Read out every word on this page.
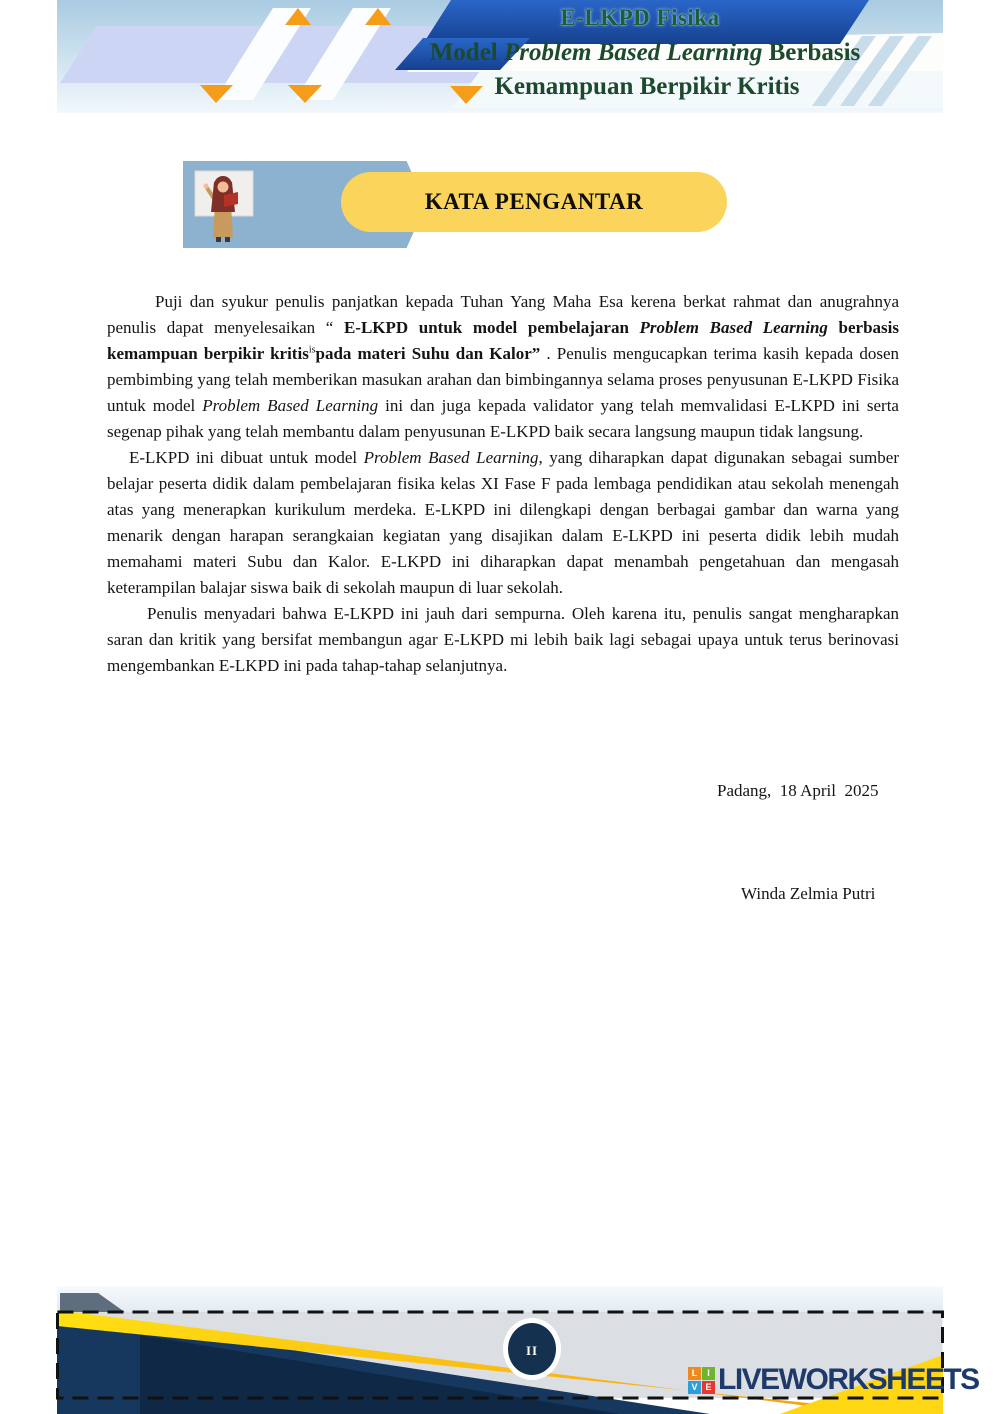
E-LKPD Fisika
Model Problem Based Learning Berbasis
Kemampuan Berpikir Kritis
KATA PENGANTAR

Puji dan syukur penulis panjatkan kepada Tuhan Yang Maha Esa kerena berkat rahmat dan anugrahnya penulis dapat menyelesaikan “ E-LKPD untuk model pembelajaran Problem Based Learning berbasis kemampuan berpikir kritis$^{is}$pada materi Suhu dan Kalor” . Penulis mengucapkan terima kasih kepada dosen pembimbing yang telah memberikan masukan arahan dan bimbingannya selama proses penyusunan E-LKPD Fisika untuk model Problem Based Learning ini dan juga kepada validator yang telah memvalidasi E-LKPD ini serta segenap pihak yang telah membantu dalam penyusunan E-LKPD baik secara langsung maupun tidak langsung.

E-LKPD ini dibuat untuk model Problem Based Learning, yang diharapkan dapat digunakan sebagai sumber belajar peserta didik dalam pembelajaran fisika kelas XI Fase F pada lembaga pendidikan atau sekolah menengah atas yang menerapkan kurikulum merdeka. E-LKPD ini dilengkapi dengan berbagai gambar dan warna yang menarik dengan harapan serangkaian kegiatan yang disajikan dalam E-LKPD ini peserta didik lebih mudah memahami materi Subu dan Kalor. E-LKPD ini diharapkan dapat menambah pengetahuan dan mengasah keterampilan balajar siswa baik di sekolah maupun di luar sekolah.

Penulis menyadari bahwa E-LKPD ini jauh dari sempurna. Oleh karena itu, penulis sangat mengharapkan saran dan kritik yang bersifat membangun agar E-LKPD mi lebih baik lagi sebagai upaya untuk terus berinovasi mengembankan E-LKPD ini pada tahap-tahap selanjutnya.

Padang,  18 April  2025
Winda Zelmia Putri
ii
L	I
V E LIVEWORKSHEETS
